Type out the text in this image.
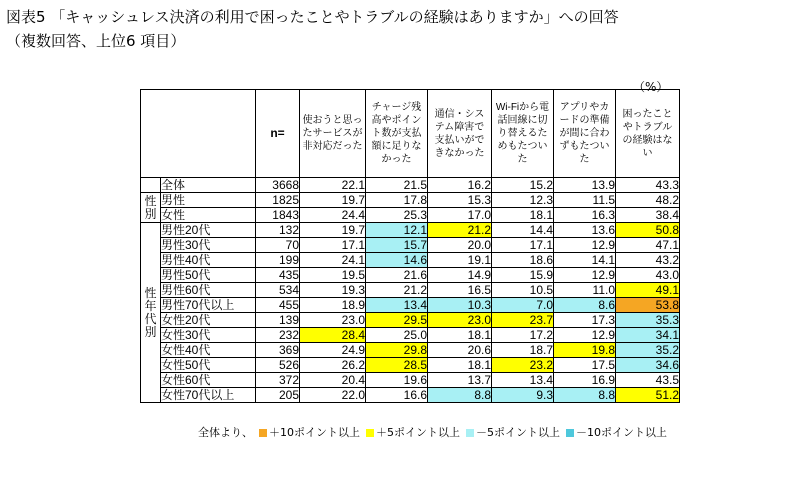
図表5 「キャッシュレス決済の利用で困ったことやトラブルの経験はありますか」への回答
（複数回答、上位6 項目）
（%）
		n=	使おうと思ったサービスが非対応だった	チャージ残高やポイント数が支払額に足りなかった	通信・システム障害で支払いができなかった	Wi-Fiから電話回線に切り替えるためもたついた	アプリやカードの準備が間に合わずもたついた	困ったことやトラブルの経験はない
	全体	3668	22.1	21.5	16.2	15.2	13.9	43.3
性別	男性	1825	19.7	17.8	15.3	12.3	11.5	48.2
	女性	1843	24.4	25.3	17.0	18.1	16.3	38.4
性年代別	男性20代	132	19.7	12.1	21.2	14.4	13.6	50.8
	男性30代	70	17.1	15.7	20.0	17.1	12.9	47.1
	男性40代	199	24.1	14.6	19.1	18.6	14.1	43.2
	男性50代	435	19.5	21.6	14.9	15.9	12.9	43.0
	男性60代	534	19.3	21.2	16.5	10.5	11.0	49.1
	男性70代以上	455	18.9	13.4	10.3	7.0	8.6	53.8
	女性20代	139	23.0	29.5	23.0	23.7	17.3	35.3
	女性30代	232	28.4	25.0	18.1	17.2	12.9	34.1
	女性40代	369	24.9	29.8	20.6	18.7	19.8	35.2
	女性50代	526	26.2	28.5	18.1	23.2	17.5	34.6
	女性60代	372	20.4	19.6	13.7	13.4	16.9	43.5
	女性70代以上	205	22.0	16.6	8.8	9.3	8.8	51.2
全体より、	＋10ポイント以上	＋5ポイント以上	－5ポイント以上	－10ポイント以上
